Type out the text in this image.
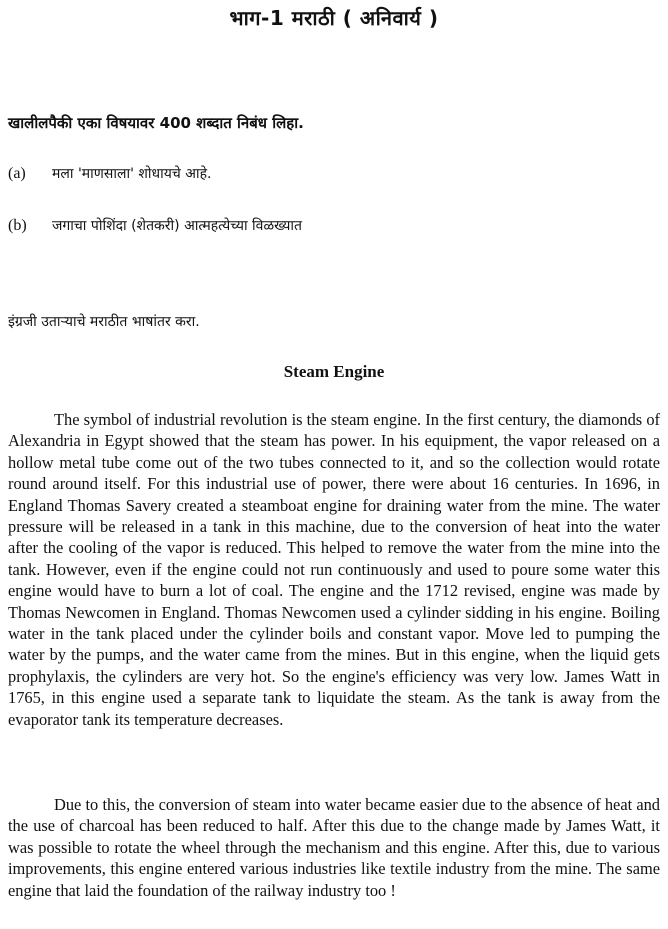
भाग-1 मराठी ( अनिवार्य )
खालीलपैकी एका विषयावर 400 शब्दात निबंध लिहा.
(a) मला 'माणसाला' शोधायचे आहे.
(b) जगाचा पोशिंदा (शेतकरी) आत्महत्येच्या विळख्यात
इंग्रजी उताऱ्याचे मराठीत भाषांतर करा.
Steam Engine

The symbol of industrial revolution is the steam engine. In the first century, the diamonds of Alexandria in Egypt showed that the steam has power. In his equipment, the vapor released on a hollow metal tube come out of the two tubes connected to it, and so the collection would rotate round around itself. For this industrial use of power, there were about 16 centuries. In 1696, in England Thomas Savery created a steamboat engine for draining water from the mine. The water pressure will be released in a tank in this machine, due to the conversion of heat into the water after the cooling of the vapor is reduced. This helped to remove the water from the mine into the tank. However, even if the engine could not run continuously and used to poure some water this engine would have to burn a lot of coal. The engine and the 1712 revised, engine was made by Thomas Newcomen in England. Thomas Newcomen used a cylinder sidding in his engine. Boiling water in the tank placed under the cylinder boils and constant vapor. Move led to pumping the water by the pumps, and the water came from the mines. But in this engine, when the liquid gets prophylaxis, the cylinders are very hot. So the engine's efficiency was very low. James Watt in 1765, in this engine used a separate tank to liquidate the steam. As the tank is away from the evaporator tank its temperature decreases.

Due to this, the conversion of steam into water became easier due to the absence of heat and the use of charcoal has been reduced to half. After this due to the change made by James Watt, it was possible to rotate the wheel through the mechanism and this engine. After this, due to various improvements, this engine entered various industries like textile industry from the mine. The same engine that laid the foundation of the railway industry too !
